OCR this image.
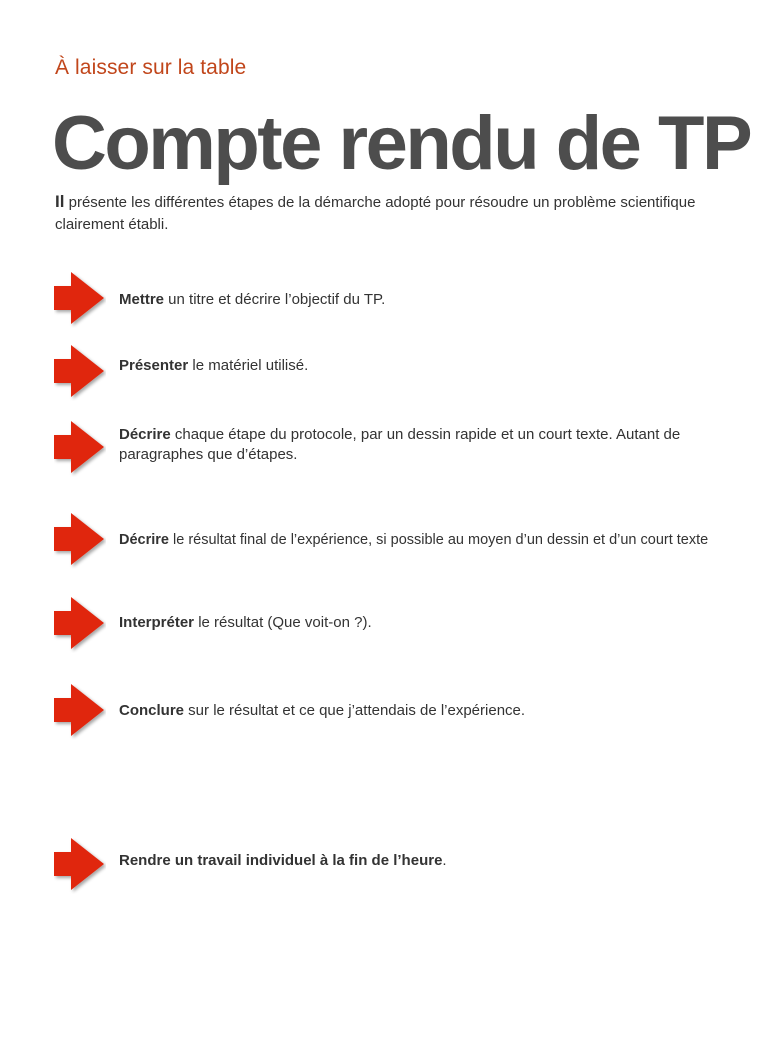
À laisser sur la table
Compte rendu de TP
Il présente les différentes étapes de la démarche adopté pour résoudre un problème scientifique clairement établi.
Mettre un titre et décrire l’objectif du TP.
Présenter le matériel utilisé.
Décrire chaque étape du protocole, par un dessin rapide et un court texte. Autant de paragraphes que d’étapes.
Décrire le résultat final de l’expérience, si possible au moyen d’un dessin et d’un court texte
Interpréter le résultat (Que voit-on ?).
Conclure sur le résultat et ce que j’attendais de l’expérience.
Rendre un travail individuel à la fin de l’heure.
